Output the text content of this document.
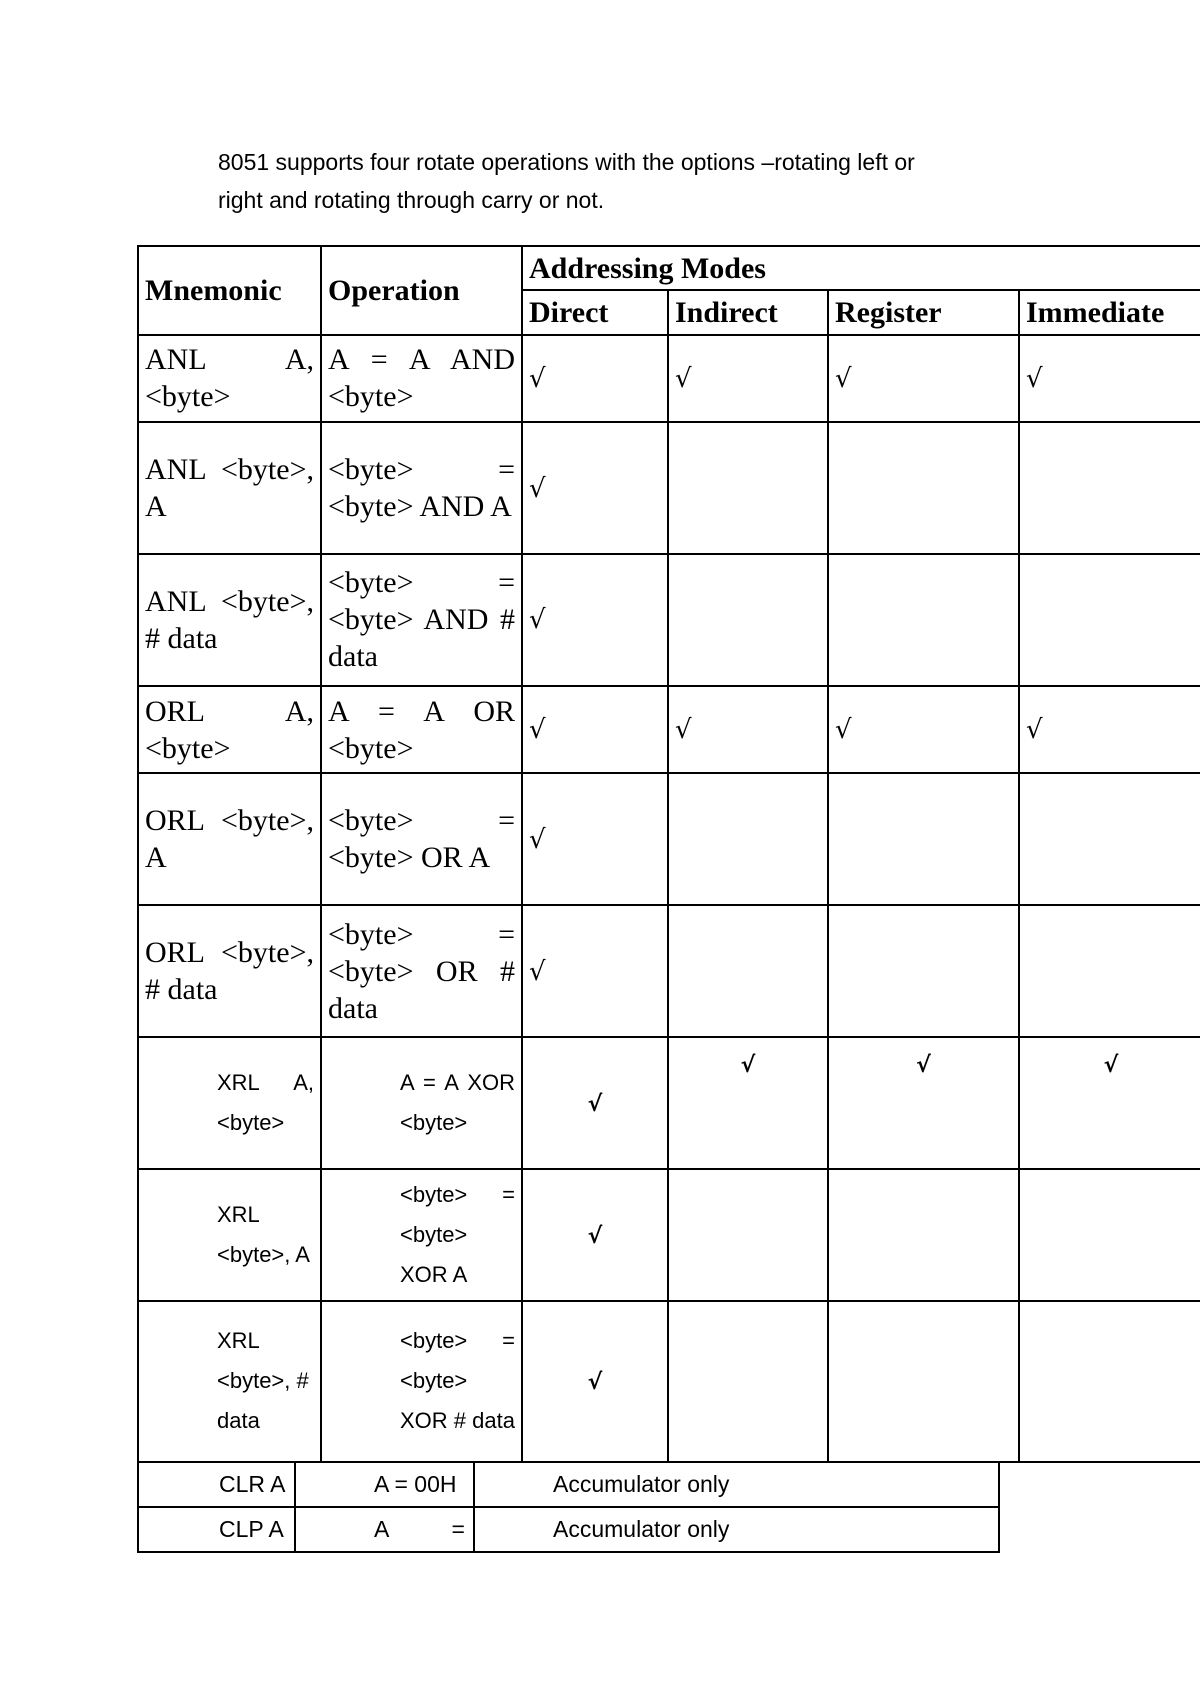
8051 supports four rotate operations with the options –rotating left or
right and rotating through carry or not.
Mnemonic	Operation	Addressing Modes			
		Direct	Indirect	Register	Immediate
ANL A, <byte>	A = A AND <byte>	√	√	√	√
ANL <byte>, A	<byte> = <byte> AND A	√			
ANL <byte>, # data	<byte> = <byte> AND # data	√			
ORL A, <byte>	A = A OR <byte>	√	√	√	√
ORL <byte>, A	<byte> = <byte> OR A	√			
ORL <byte>, # data	<byte> = <byte> OR # data	√			
XRL A, <byte>	A = A XOR <byte>	√	√	√	√
XRL <byte>, A	<byte> = <byte> XOR A	√			
XRL <byte>, # data	<byte> = <byte> XOR # data	√			
CLR A	A = 00H	Accumulator only
CLP A	A =	Accumulator only
